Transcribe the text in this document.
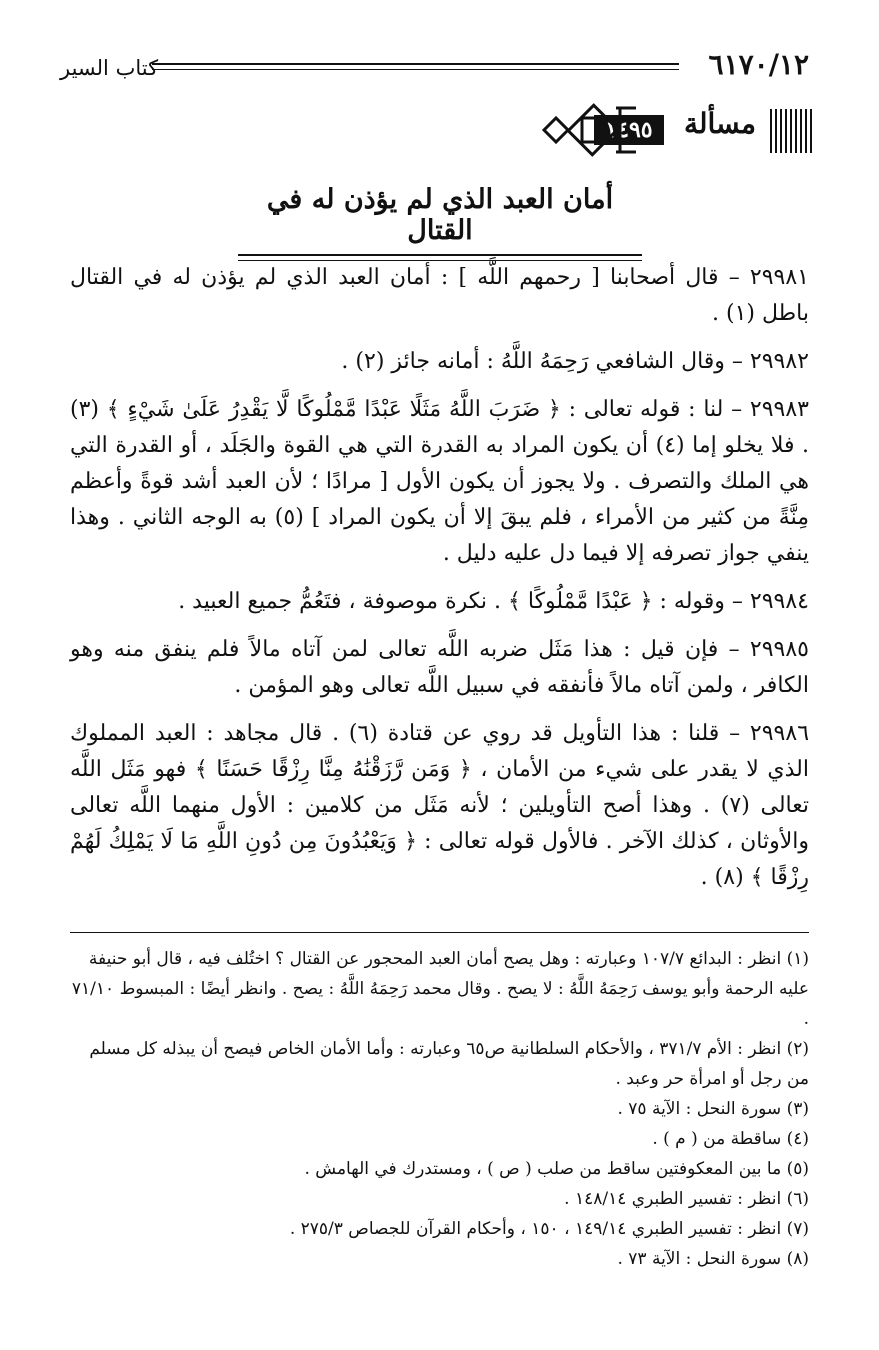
٦١٧٠/١٢
كتاب السير
مسألة
١٤٩٥
أمان العبد الذي لم يؤذن له في القتال

٢٩٩٨١ – قال أصحابنا [ رحمهم اللَّه ] : أمان العبد الذي لم يؤذن له في القتال باطل (١) .

٢٩٩٨٢ – وقال الشافعي رَحِمَهُ اللَّهُ : أمانه جائز (٢) .

٢٩٩٨٣ – لنا : قوله تعالى : ﴿ ضَرَبَ اللَّهُ مَثَلًا عَبْدًا مَّمْلُوكًا لَّا يَقْدِرُ عَلَىٰ شَيْءٍ ﴾ (٣) . فلا يخلو إما (٤) أن يكون المراد به القدرة التي هي القوة والجَلَد ، أو القدرة التي هي الملك والتصرف . ولا يجوز أن يكون الأول [ مرادًا ؛ لأن العبد أشد قوةً وأعظم مِنَّةً من كثير من الأمراء ، فلم يبقَ إلا أن يكون المراد ] (٥) به الوجه الثاني . وهذا ينفي جواز تصرفه إلا فيما دل عليه دليل .

٢٩٩٨٤ – وقوله : ﴿ عَبْدًا مَّمْلُوكًا ﴾ . نكرة موصوفة ، فتَعُمُّ جميع العبيد .

٢٩٩٨٥ – فإن قيل : هذا مَثَل ضربه اللَّه تعالى لمن آتاه مالاً فلم ينفق منه وهو الكافر ، ولمن آتاه مالاً فأنفقه في سبيل اللَّه تعالى وهو المؤمن .

٢٩٩٨٦ – قلنا : هذا التأويل قد روي عن قتادة (٦) . قال مجاهد : العبد المملوك الذي لا يقدر على شيء من الأمان ، ﴿ وَمَن رَّزَقْنَٰهُ مِنَّا رِزْقًا حَسَنًا ﴾ فهو مَثَل اللَّه تعالى (٧) . وهذا أصح التأويلين ؛ لأنه مَثَل من كلامين : الأول منهما اللَّه تعالى والأوثان ، كذلك الآخر . فالأول قوله تعالى : ﴿ وَيَعْبُدُونَ مِن دُونِ اللَّهِ مَا لَا يَمْلِكُ لَهُمْ رِزْقًا ﴾ (٨) .

(١) انظر : البدائع ١٠٧/٧ وعبارته : وهل يصح أمان العبد المحجور عن القتال ؟ اختُلف فيه ، قال أبو حنيفة عليه الرحمة وأبو يوسف رَحِمَهُ اللَّهُ : لا يصح . وقال محمد رَحِمَهُ اللَّهُ : يصح . وانظر أيضًا : المبسوط ٧١/١٠ .

(٢) انظر : الأم ٣٧١/٧ ، والأحكام السلطانية ص٦٥ وعبارته : وأما الأمان الخاص فيصح أن يبذله كل مسلم من رجل أو امرأة حر وعبد .

(٣) سورة النحل : الآية ٧٥ .

(٤) ساقطة من ( م ) .

(٥) ما بين المعكوفتين ساقط من صلب ( ص ) ، ومستدرك في الهامش .

(٦) انظر : تفسير الطبري ١٤٨/١٤ .

(٧) انظر : تفسير الطبري ١٤٩/١٤ ، ١٥٠ ، وأحكام القرآن للجصاص ٢٧٥/٣ .

(٨) سورة النحل : الآية ٧٣ .
